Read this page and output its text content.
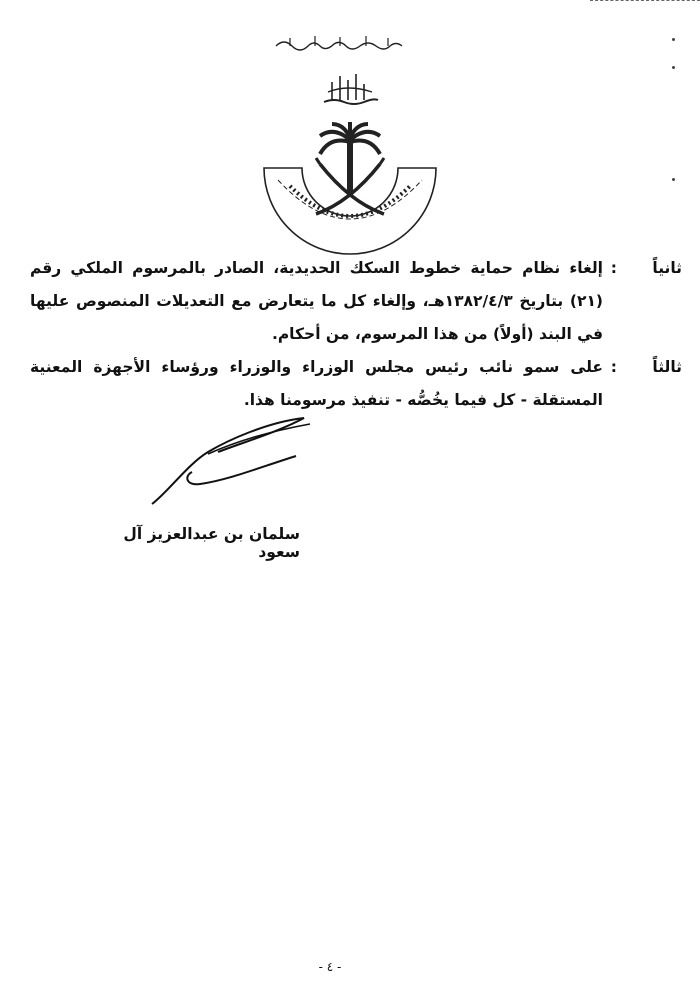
ثانياً
:
إلغاء نظام حماية خطوط السكك الحديدية، الصادر بالمرسوم الملكي رقم (٢١) بتاريخ ١٣٨٢/٤/٣هـ، وإلغاء كل ما يتعارض مع التعديلات المنصوص عليها في البند (أولاً) من هذا المرسوم، من أحكام.
ثالثاً
:
على سمو نائب رئيس مجلس الوزراء والوزراء ورؤساء الأجهزة المعنية المستقلة - كل فيما يخُصُّه - تنفيذ مرسومنا هذا.
سلمان بن عبدالعزيز آل سعود
- ٤ -
